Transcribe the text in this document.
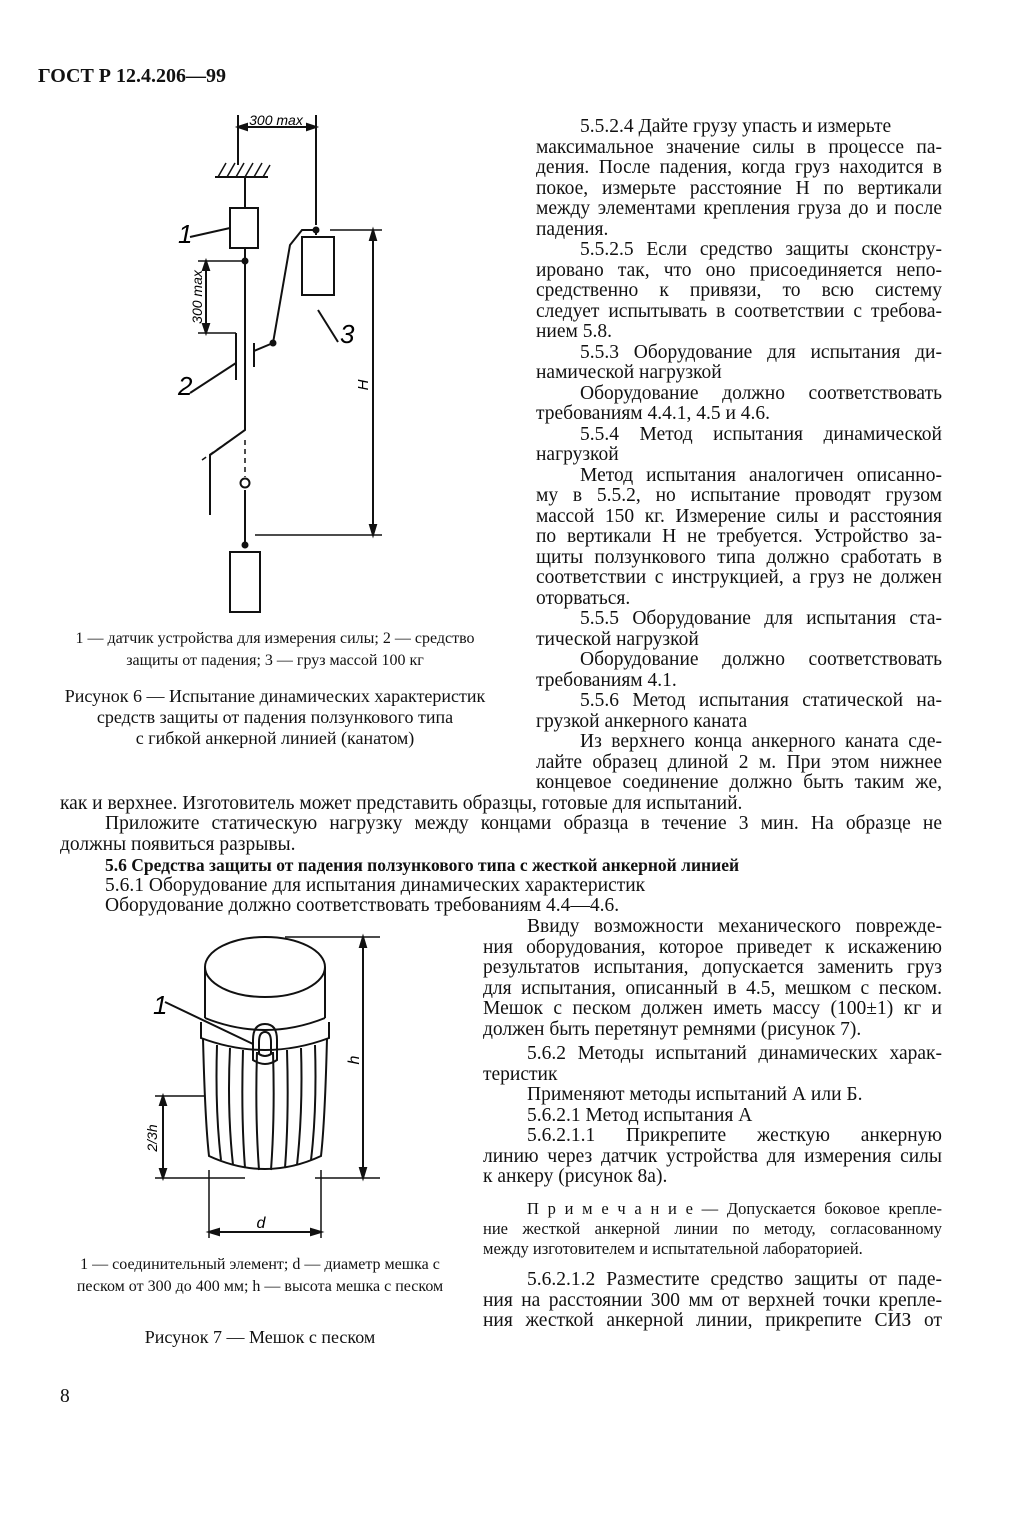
ГОСТ Р 12.4.206—99
300 max
300 max
H
1
2
3
1 — датчик устройства для измерения силы; 2 — средство
защиты от падения; 3 — груз массой 100 кг
Рисунок 6 — Испытание динамических характеристик
средств защиты от падения ползункового типа
с гибкой анкерной линией (канатом)
5.5.2.4 Дайте грузу упасть и измерьте
максимальное значение силы в процессе па-
дения. После падения, когда груз находится в
покое, измерьте расстояние H по вертикали
между элементами крепления груза до и после
падения.
5.5.2.5 Если средство защиты сконстру-
ировано так, что оно присоединяется непо-
средственно к привязи, то всю систему
следует испытывать в соответствии с требова-
нием 5.8.
5.5.3 Оборудование для испытания ди-
намической нагрузкой
Оборудование должно соответствовать
требованиям 4.4.1, 4.5 и 4.6.
5.5.4 Метод испытания динамической
нагрузкой
Метод испытания аналогичен описанно-
му в 5.5.2, но испытание проводят грузом
массой 150 кг. Измерение силы и расстояния
по вертикали H не требуется. Устройство за-
щиты ползункового типа должно сработать в
соответствии с инструкцией, а груз не должен
оторваться.
5.5.5 Оборудование для испытания ста-
тической нагрузкой
Оборудование должно соответствовать
требованиям 4.1.
5.5.6 Метод испытания статической на-
грузкой анкерного каната
Из верхнего конца анкерного каната сде-
лайте образец длиной 2 м. При этом нижнее
концевое соединение должно быть таким же,
как и верхнее. Изготовитель может представить образцы, готовые для испытаний.
Приложите статическую нагрузку между концами образца в течение 3 мин. На образце не
должны появиться разрывы.
5.6 Средства защиты от падения ползункового типа с жесткой анкерной линией
5.6.1 Оборудование для испытания динамических характеристик
Оборудование должно соответствовать требованиям 4.4—4.6.
1
h
2/3h
d
1 — соединительный элемент; d — диаметр мешка с
песком от 300 до 400 мм; h — высота мешка с песком
Рисунок 7 — Мешок с песком
Ввиду возможности механического поврежде-
ния оборудования, которое приведет к искажению
результатов испытания, допускается заменить груз
для испытания, описанный в 4.5, мешком с песком.
Мешок с песком должен иметь массу (100±1) кг и
должен быть перетянут ремнями (рисунок 7).
5.6.2 Методы испытаний динамических харак-
теристик
Применяют методы испытаний А или Б.
5.6.2.1 Метод испытания А
5.6.2.1.1 Прикрепите жесткую анкерную
линию через датчик устройства для измерения силы
к анкеру (рисунок 8а).
П р и м е ч а н и е — Допускается боковое крепле-
ние жесткой анкерной линии по методу, согласованному
между изготовителем и испытательной лабораторией.
5.6.2.1.2 Разместите средство защиты от паде-
ния на расстоянии 300 мм от верхней точки крепле-
ния жесткой анкерной линии, прикрепите СИЗ от
8
